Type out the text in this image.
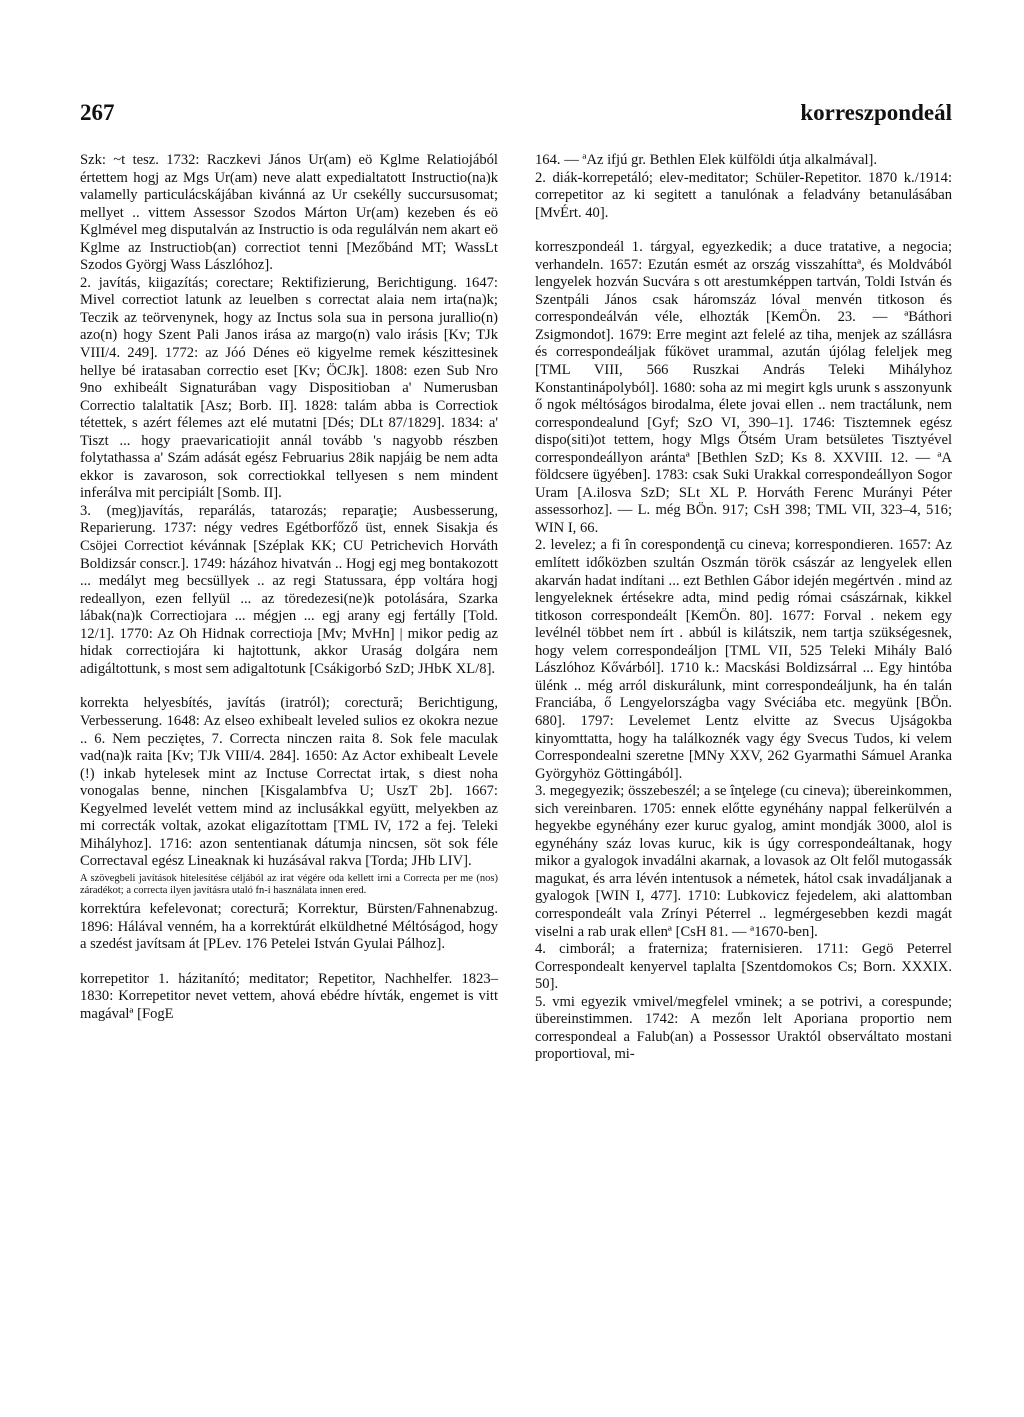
267	korreszpondeál

Szk: ~t tesz. 1732: Raczkevi János Ur(am) eö Kglme Relatiojából értettem hogj az Mgs Ur(am) neve alatt expedialtatott Instructio(na)k valamelly particulácskájában kivánná az Ur csekélly succursusomat; mellyet .. vittem Assessor Szodos Márton Ur(am) kezeben és eö Kglmével meg disputalván az Instructio is oda regulálván nem akart eö Kglme az Instructiob(an) correctiot tenni [Mezőbánd MT; WassLt Szodos Györgj Wass Lászlóhoz].

2. javítás, kiigazítás; corectare; Rektifizierung, Berichtigung. 1647: Mivel correctiot latunk az leuelben s correctat alaia nem irta(na)k; Teczik az teörvenynek, hogy az Inctus sola sua in persona jurallio(n) azo(n) hogy Szent Pali Janos irása az margo(n) valo irásis [Kv; TJk VIII/4. 249]. 1772: az Jóó Dénes eö kigyelme remek készittesinek hellye bé iratasaban correctio eset [Kv; ÖCJk]. 1808: ezen Sub Nro 9no exhibeált Signaturában vagy Dispositioban a' Numerusban Correctio talaltatik [Asz; Borb. II]. 1828: talám abba is Correctiok tétettek, s azért félemes azt elé mutatni [Dés; DLt 87/1829]. 1834: a' Tiszt ... hogy praevaricatiojit annál tovább 's nagyobb részben folytathassa a' Szám adását egész Februarius 28ik napjáig be nem adta ekkor is zavaroson, sok correctiokkal tellyesen s nem mindent inferálva mit percipiált [Somb. II].

3. (meg)javítás, reparálás, tatarozás; reparaţie; Ausbesserung, Reparierung. 1737: négy vedres Egétborfőző üst, ennek Sisakja és Csöjei Correctiot kévánnak [Széplak KK; CU Petrichevich Horváth Boldizsár conscr.]. 1749: házához hivatván .. Hogj egj meg bontakozott ... medályt meg becsüllyek .. az regi Statussara, épp voltára hogj redeallyon, ezen fellyül ... az töredezesi(ne)k potolására, Szarka lábak(na)k Correctiojara ... mégjen ... egj arany egj fertálly [Told. 12/1]. 1770: Az Oh Hidnak correctioja [Mv; MvHn] | mikor pedig az hidak correctiojára ki hajtottunk, akkor Uraság dolgára nem adigáltottunk, s most sem adigaltotunk [Csákigorbó SzD; JHbK XL/8].

korrekta helyesbítés, javítás (iratról); corectură; Berichtigung, Verbesserung. 1648: Az elseo exhibealt leveled sulios ez okokra nezue .. 6. Nem pecziętes, 7. Correcta ninczen raita 8. Sok fele maculak vad(na)k raita [Kv; TJk VIII/4. 284]. 1650: Az Actor exhibealt Levele (!) inkab hytelesek mint az Inctuse Correctat irtak, s diest noha vonogalas benne, ninchen [Kisgalambfva U; UszT 2b]. 1667: Kegyelmed levelét vettem mind az inclusákkal együtt, melyekben az mi correcták voltak, azokat eligazítottam [TML IV, 172 a fej. Teleki Mihályhoz]. 1716: azon sententianak dátumja nincsen, söt sok féle Correctaval egész Lineaknak ki huzásával rakva [Torda; JHb LIV].

A szövegbeli javítások hitelesítése céljából az irat végére oda kellett irni a Correcta per me (nos) záradékot; a correcta ilyen javításra utaló fn-i használata innen ered.

korrektúra kefelevonat; corectură; Korrektur, Bürsten/Fahnenabzug. 1896: Hálával venném, ha a korrektúrát elküldhetné Méltóságod, hogy a szedést javítsam át [PLev. 176 Petelei István Gyulai Pálhoz].

korrepetitor 1. házitanító; meditator; Repetitor, Nachhelfer. 1823–1830: Korrepetitor nevet vettem, ahová ebédre hívták, engemet is vitt magávalª [FogE

164. — ªAz ifjú gr. Bethlen Elek külföldi útja alkalmával].

2. diák-korrepetáló; elev-meditator; Schüler-Repetitor. 1870 k./1914: correpetitor az ki segitett a tanulónak a feladvány betanulásában [MvÉrt. 40].

korreszpondeál 1. tárgyal, egyezkedik; a duce tratative, a negocia; verhandeln. 1657: Ezután esmét az ország visszahíttaª, és Moldvából lengyelek hozván Sucvára s ott arestumképpen tartván, Toldi István és Szentpáli János csak háromszáz lóval menvén titkoson és correspondeálván véle, elhozták [KemÖn. 23. — ªBáthori Zsigmondot]. 1679: Erre megint azt felelé az tiha, menjek az szállásra és correspondeáljak fűkövet urammal, azután újólag feleljek meg [TML VIII, 566 Ruszkai András Teleki Mihályhoz Konstantinápolyból]. 1680: soha az mi megirt kgls urunk s asszonyunk ő ngok méltóságos birodalma, élete jovai ellen .. nem tractálunk, nem correspondealund [Gyf; SzO VI, 390–1]. 1746: Tisztemnek egész dispo(siti)ot tettem, hogy Mlgs Őtsém Uram betsületes Tisztyével correspondeállyon arántaª [Bethlen SzD; Ks 8. XXVIII. 12. — ªA földcsere ügyében]. 1783: csak Suki Urakkal correspondeállyon Sogor Uram [A.ilosva SzD; SLt XL P. Horváth Ferenc Murányi Péter assessorhoz]. — L. még BÖn. 917; CsH 398; TML VII, 323–4, 516; WIN I, 66.

2. levelez; a fi în corespondenţă cu cineva; korrespondieren. 1657: Az említett időközben szultán Oszmán török császár az lengyelek ellen akarván hadat indítani ... ezt Bethlen Gábor idején megértvén . mind az lengyeleknek értésekre adta, mind pedig római császárnak, kikkel titkoson correspondeált [KemÖn. 80]. 1677: Forval . nekem egy levélnél többet nem írt . abbúl is kilátszik, nem tartja szükségesnek, hogy velem correspondeáljon [TML VII, 525 Teleki Mihály Baló Lászlóhoz Kővárból]. 1710 k.: Macskási Boldizsárral ... Egy hintóba ülénk .. még arról diskurálunk, mint correspondeáljunk, ha én talán Franciába, ő Lengyelországba vagy Svéciába etc. megyünk [BÖn. 680]. 1797: Levelemet Lentz elvitte az Svecus Ujságokba kinyomttatta, hogy ha találkoznék vagy égy Svecus Tudos, ki velem Correspondealni szeretne [MNy XXV, 262 Gyarmathi Sámuel Aranka Györgyhöz Göttingából].

3. megegyezik; összebeszél; a se înţelege (cu cineva); übereinkommen, sich vereinbaren. 1705: ennek előtte egynéhány nappal felkerülvén a hegyekbe egynéhány ezer kuruc gyalog, amint mondják 3000, alol is egynéhány száz lovas kuruc, kik is úgy correspondeáltanak, hogy mikor a gyalogok invadálni akarnak, a lovasok az Olt felől mutogassák magukat, és arra lévén intentusok a németek, hátol csak invadáljanak a gyalogok [WIN I, 477]. 1710: Lubkovicz fejedelem, aki alattomban correspondeált vala Zrínyi Péterrel .. legmérgesebben kezdi magát viselni a rab urak ellenª [CsH 81. — ª1670-ben].

4. cimborál; a fraterniza; fraternisieren. 1711: Gegö Peterrel Correspondealt kenyervel taplalta [Szentdomokos Cs; Born. XXXIX. 50].

5. vmi egyezik vmivel/megfelel vminek; a se potrivi, a corespunde; übereinstimmen. 1742: A mezőn lelt Aporiana proportio nem correspondeal a Falub(an) a Possessor Uraktól observáltato mostani proportioval, mi-
